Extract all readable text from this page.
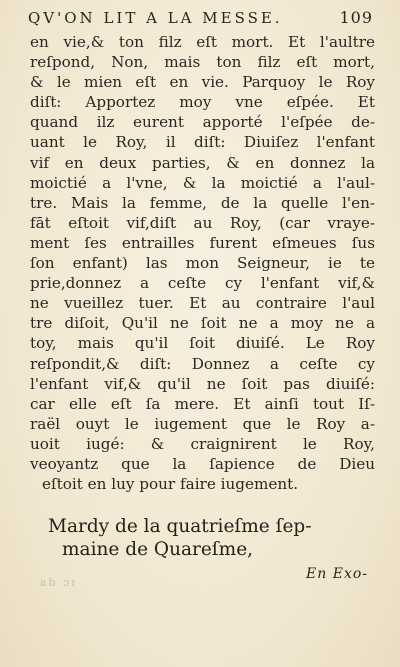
QV'ON LIT A LA MESSE.	109
en vie,& ton filz eſt mort. Et l'aultre
reſpond, Non, mais ton filz eſt mort,
& le mien eſt en vie. Parquoy le Roy
diſt: Apportez moy vne eſpée. Et
quand ilz eurent apporté l'eſpée de-
uant le Roy, il diſt: Diuiſez l'enfant
vif en deux parties, & en donnez la
moictié a l'vne, & la moictié a l'aul-
tre. Mais la femme, de la quelle l'en-
fāt eſtoit vif,diſt au Roy, (car vraye-
ment ſes entrailles furent eſmeues ſus
ſon enfant) las mon Seigneur, ie te
prie,donnez a ceſte cy l'enfant vif,&
ne vueillez tuer. Et au contraire l'aul
tre diſoit, Qu'il ne ſoit ne a moy ne a
toy, mais qu'il ſoit diuiſé. Le Roy
reſpondit,& diſt: Donnez a ceſte cy
l'enfant vif,& qu'il ne ſoit pas diuiſé:
car elle eſt ſa mere. Et ainſi tout Iſ-
raël ouyt le iugement que le Roy a-
uoit iugé: & craignirent le Roy,
veoyantz que la ſapience de Dieu
eſtoit en luy pour faire iugement.
Mardy de la quatrieſme ſep-
maine de Quareſme,
En Exo-
ab ɔɪ
